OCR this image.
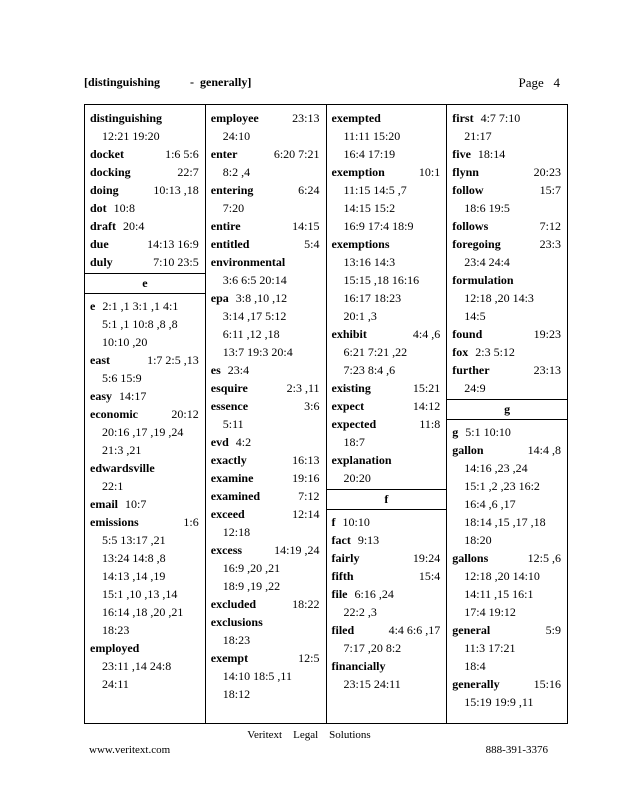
[distinguishing          -  generally]	Page   4
distinguishing
12:21 19:20
docket	1:6 5:6
docking	22:7
doing	10:13 ,18
dot 10:8
draft 20:4
due	14:13 16:9
duly	7:10 23:5
e
e 2:1 ,1 3:1 ,1 4:1
5:1 ,1 10:8 ,8 ,8
10:10 ,20
east	1:7 2:5 ,13
5:6 15:9
easy 14:17
economic	20:12
20:16 ,17 ,19 ,24
21:3 ,21
edwardsville
22:1
email 10:7
emissions	1:6
5:5 13:17 ,21
13:24 14:8 ,8
14:13 ,14 ,19
15:1 ,10 ,13 ,14
16:14 ,18 ,20 ,21
18:23
employed
23:11 ,14 24:8
24:11
employee	23:13
24:10
enter	6:20 7:21
8:2 ,4
entering	6:24
7:20
entire	14:15
entitled	5:4
environmental
3:6 6:5 20:14
epa 3:8 ,10 ,12
3:14 ,17 5:12
6:11 ,12 ,18
13:7 19:3 20:4
es 23:4
esquire	2:3 ,11
essence	3:6
5:11
evd 4:2
exactly	16:13
examine	19:16
examined	7:12
exceed	12:14
12:18
excess	14:19 ,24
16:9 ,20 ,21
18:9 ,19 ,22
excluded	18:22
exclusions
18:23
exempt	12:5
14:10 18:5 ,11
18:12
exempted
11:11 15:20
16:4 17:19
exemption	10:1
11:15 14:5 ,7
14:15 15:2
16:9 17:4 18:9
exemptions
13:16 14:3
15:15 ,18 16:16
16:17 18:23
20:1 ,3
exhibit	4:4 ,6
6:21 7:21 ,22
7:23 8:4 ,6
existing	15:21
expect	14:12
expected	11:8
18:7
explanation
20:20
f
f 10:10
fact 9:13
fairly	19:24
fifth	15:4
file 6:16 ,24
22:2 ,3
filed	4:4 6:6 ,17
7:17 ,20 8:2
financially
23:15 24:11
first 4:7 7:10
21:17
five 18:14
flynn	20:23
follow	15:7
18:6 19:5
follows	7:12
foregoing	23:3
23:4 24:4
formulation
12:18 ,20 14:3
14:5
found	19:23
fox 2:3 5:12
further	23:13
24:9
g
g 5:1 10:10
gallon	14:4 ,8
14:16 ,23 ,24
15:1 ,2 ,23 16:2
16:4 ,6 ,17
18:14 ,15 ,17 ,18
18:20
gallons	12:5 ,6
12:18 ,20 14:10
14:11 ,15 16:1
17:4 19:12
general	5:9
11:3 17:21
18:4
generally	15:16
15:19 19:9 ,11
Veritext    Legal    Solutions
www.veritext.com	888-391-3376
